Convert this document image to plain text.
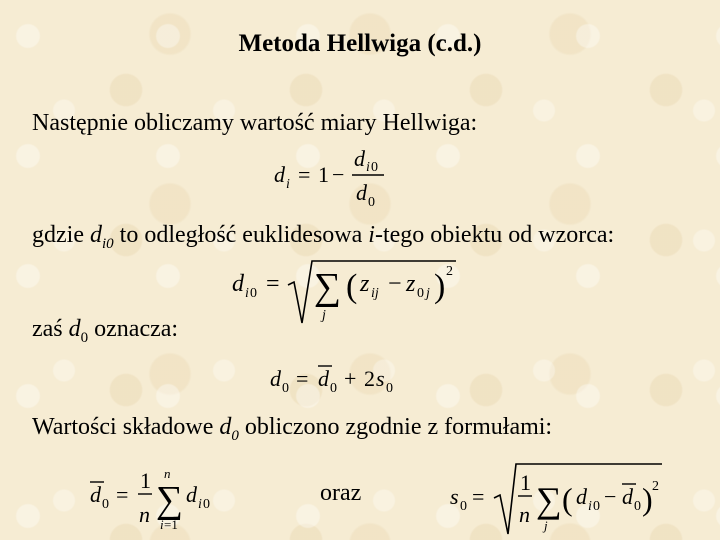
Metoda Hellwiga (c.d.)
Następnie obliczamy wartość miary Hellwiga:
d i = 1 −
d i 0
d 0
gdzie $d_{i0}$ to odległość euklidesowa i-tego obiektu od wzorca:
d i 0 = ∑
j
( z ij − z 0 j ) 2
zaś $d_0$ oznacza:
d 0 = d 0 + 2 s 0
Wartości składowe $d_0$ obliczono zgodnie z formułami:
d 0 =
1
n
n
∑
i =1
d i 0	oraz	s 0 =
1
n ∑
j
( d i 0 − d 0 ) 2
